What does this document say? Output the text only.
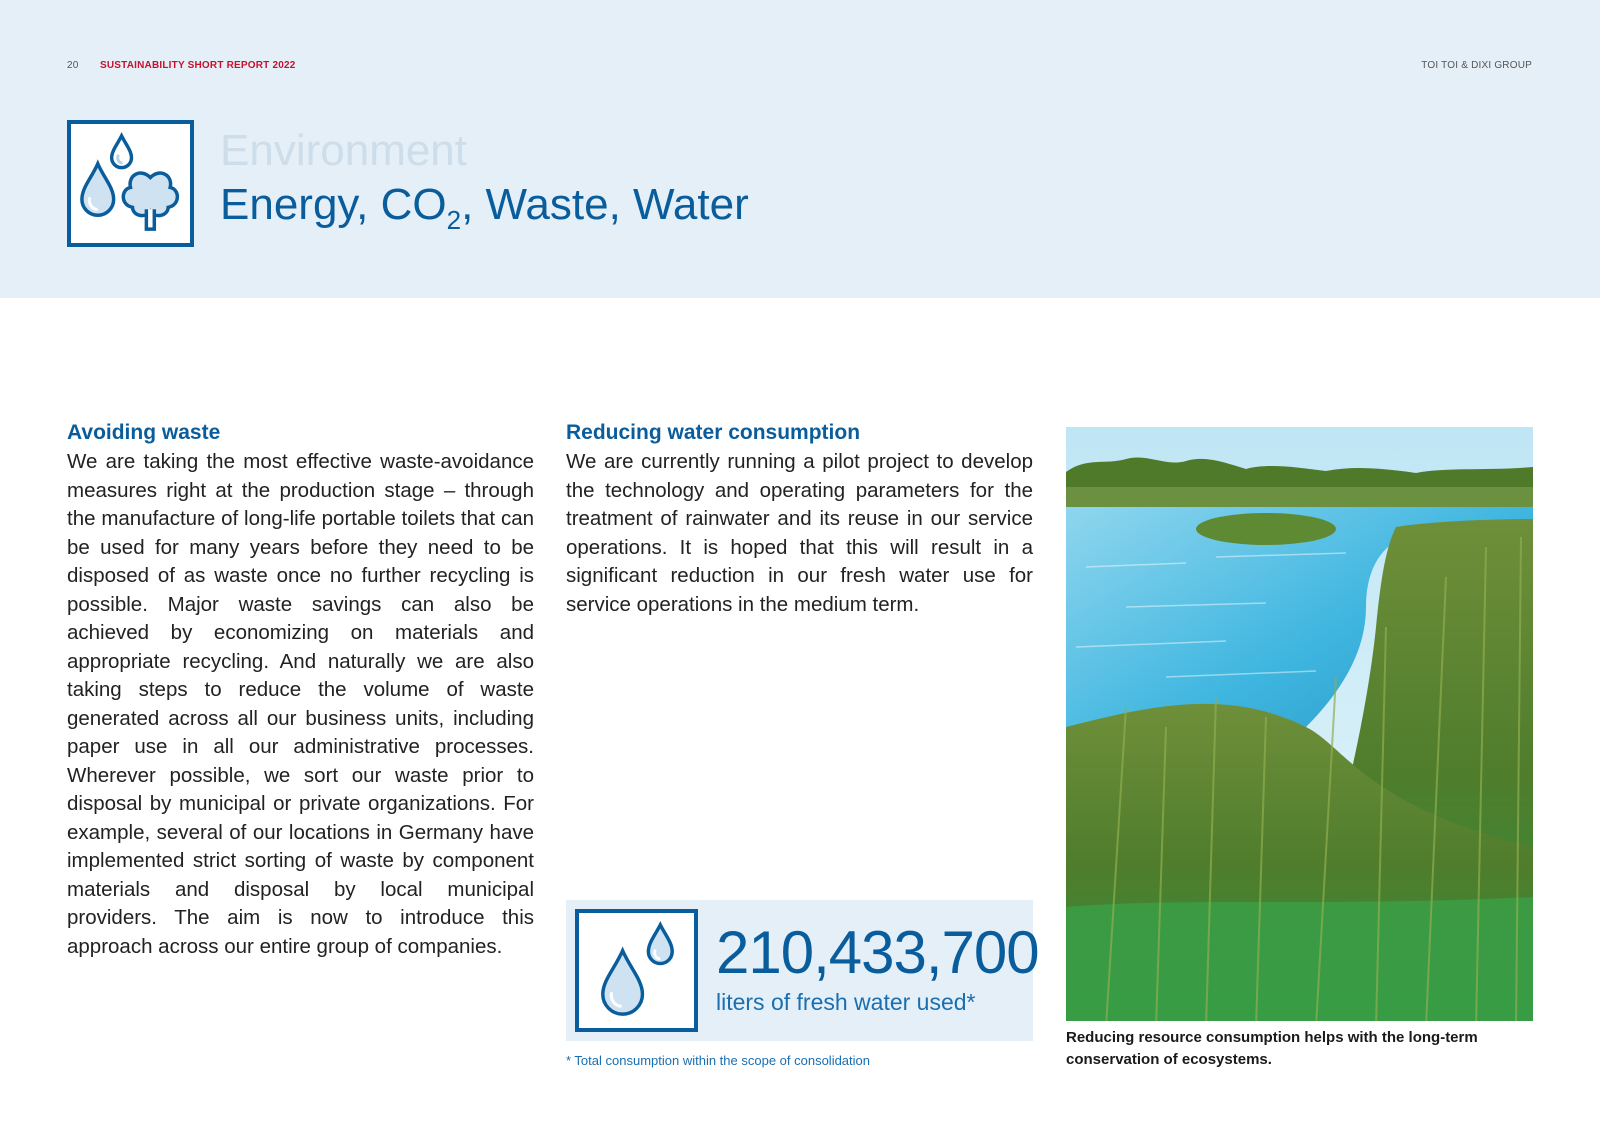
20 SUSTAINABILITY SHORT REPORT 2022	TOI TOI & DIXI GROUP
Environment
Energy, $CO_2$, Waste, Water
Avoiding waste

We are taking the most effective waste-avoidance measures right at the production stage – through the manufacture of long-life portable toilets that can be used for many years before they need to be disposed of as waste once no further recycling is possible. Major waste savings can also be achieved by economizing on materials and appropriate recycling. And naturally we are also taking steps to reduce the volume of waste generated across all our business units, including paper use in all our administrative processes. Wherever possible, we sort our waste prior to disposal by municipal or private organizations. For example, several of our locations in Germany have implemented strict sorting of waste by component materials and disposal by local municipal providers. The aim is now to introduce this approach across our entire group of companies.

Reducing water consumption

We are currently running a pilot project to develop the technology and operating parameters for the treatment of rainwater and its reuse in our service operations. It is hoped that this will result in a significant reduction in our fresh water use for service operations in the medium term.

210,433,700
liters of fresh water used*
* Total consumption within the scope of consolidation
Reducing resource consumption helps with the long-term conservation of ecosystems.
